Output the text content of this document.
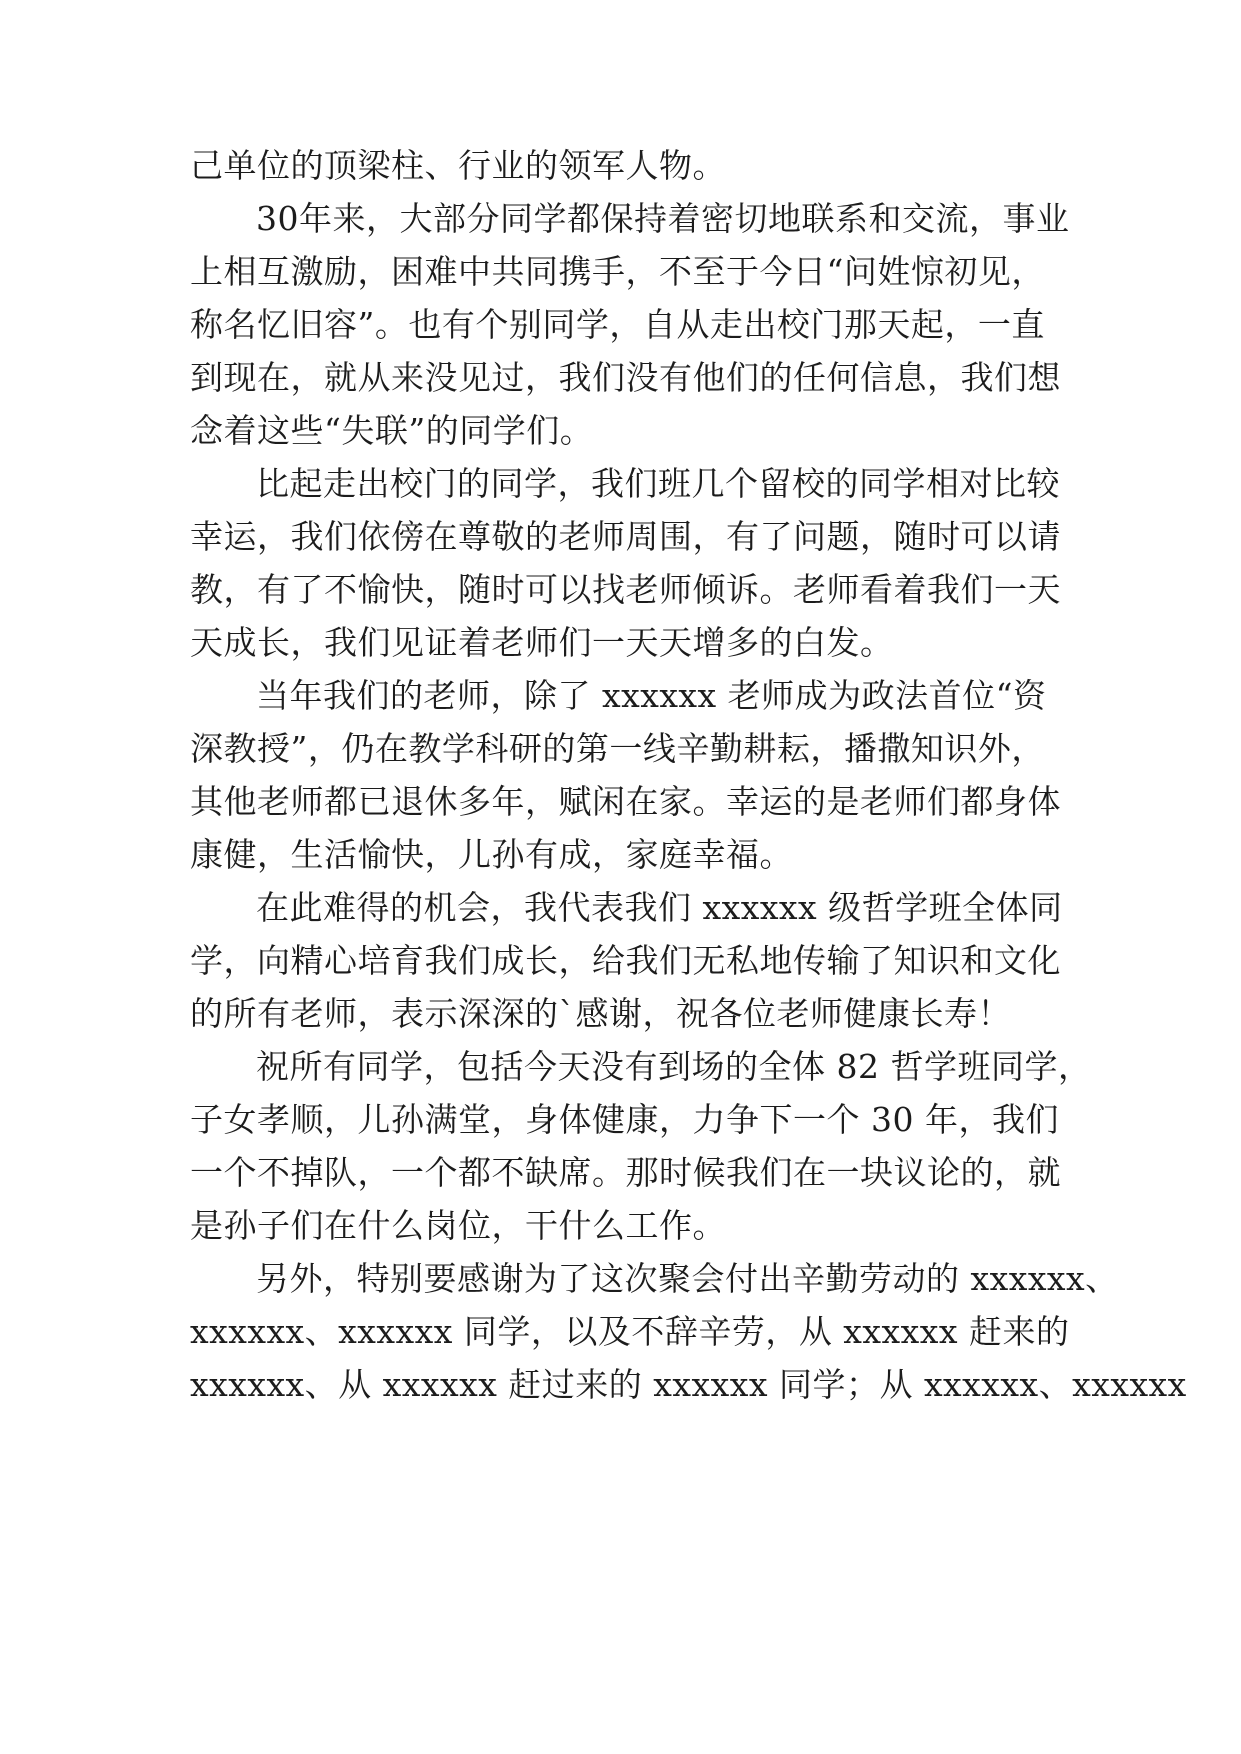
己单位的顶梁柱、行业的领军人物。
30年来，大部分同学都保持着密切地联系和交流，事业
上相互激励，困难中共同携手，不至于今日“问姓惊初见，
称名忆旧容”。也有个别同学，自从走出校门那天起，一直
到现在，就从来没见过，我们没有他们的任何信息，我们想
念着这些“失联”的同学们。
比起走出校门的同学，我们班几个留校的同学相对比较
幸运，我们依傍在尊敬的老师周围，有了问题，随时可以请
教，有了不愉快，随时可以找老师倾诉。老师看着我们一天
天成长，我们见证着老师们一天天增多的白发。
当年我们的老师，除了 xxxxxx 老师成为政法首位“资
深教授”，仍在教学科研的第一线辛勤耕耘，播撒知识外，
其他老师都已退休多年，赋闲在家。幸运的是老师们都身体
康健，生活愉快，儿孙有成，家庭幸福。
在此难得的机会，我代表我们 xxxxxx 级哲学班全体同
学，向精心培育我们成长，给我们无私地传输了知识和文化
的所有老师，表示深深的`感谢，祝各位老师健康长寿！
祝所有同学，包括今天没有到场的全体 82 哲学班同学，
子女孝顺，儿孙满堂，身体健康，力争下一个 30 年，我们
一个不掉队，一个都不缺席。那时候我们在一块议论的，就
是孙子们在什么岗位，干什么工作。
另外，特别要感谢为了这次聚会付出辛勤劳动的 xxxxxx、
xxxxxx、xxxxxx 同学，以及不辞辛劳，从 xxxxxx 赶来的
xxxxxx、从 xxxxxx 赶过来的 xxxxxx 同学；从 xxxxxx、xxxxxx
